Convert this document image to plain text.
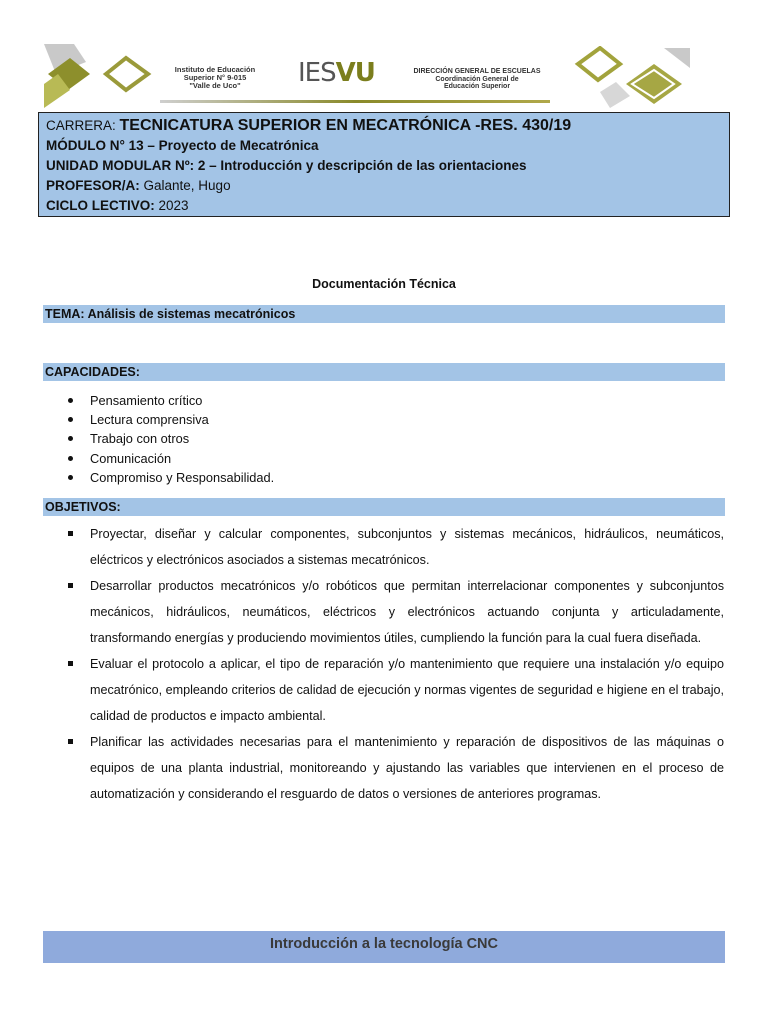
Instituto de Educación
Superior N° 9-015
"Valle de Uco"	IESVU	DIRECCIÓN GENERAL DE ESCUELAS
Coordinación General de
Educación Superior
CARRERA: TECNICATURA SUPERIOR EN MECATRÓNICA -RES. 430/19
MÓDULO N° 13 – Proyecto de Mecatrónica
UNIDAD MODULAR Nº: 2 – Introducción y descripción de las orientaciones
PROFESOR/A: Galante, Hugo
CICLO LECTIVO: 2023
Documentación Técnica
TEMA: Análisis de sistemas mecatrónicos
CAPACIDADES:
Pensamiento crítico
Lectura comprensiva
Trabajo con otros
Comunicación
Compromiso y Responsabilidad.
OBJETIVOS:
Proyectar, diseñar y calcular componentes, subconjuntos y sistemas mecánicos, hidráulicos, neumáticos, eléctricos y electrónicos asociados a sistemas mecatrónicos.
Desarrollar productos mecatrónicos y/o robóticos que permitan interrelacionar componentes y subconjuntos mecánicos, hidráulicos, neumáticos, eléctricos y electrónicos actuando conjunta y articuladamente, transformando energías y produciendo movimientos útiles, cumpliendo la función para la cual fuera diseñada.
Evaluar el protocolo a aplicar, el tipo de reparación y/o mantenimiento que requiere una instalación y/o equipo mecatrónico, empleando criterios de calidad de ejecución y normas vigentes de seguridad e higiene en el trabajo, calidad de productos e impacto ambiental.
Planificar las actividades necesarias para el mantenimiento y reparación de dispositivos de las máquinas o equipos de una planta industrial, monitoreando y ajustando las variables que intervienen en el proceso de automatización y considerando el resguardo de datos o versiones de anteriores programas.
Introducción a la tecnología CNC
